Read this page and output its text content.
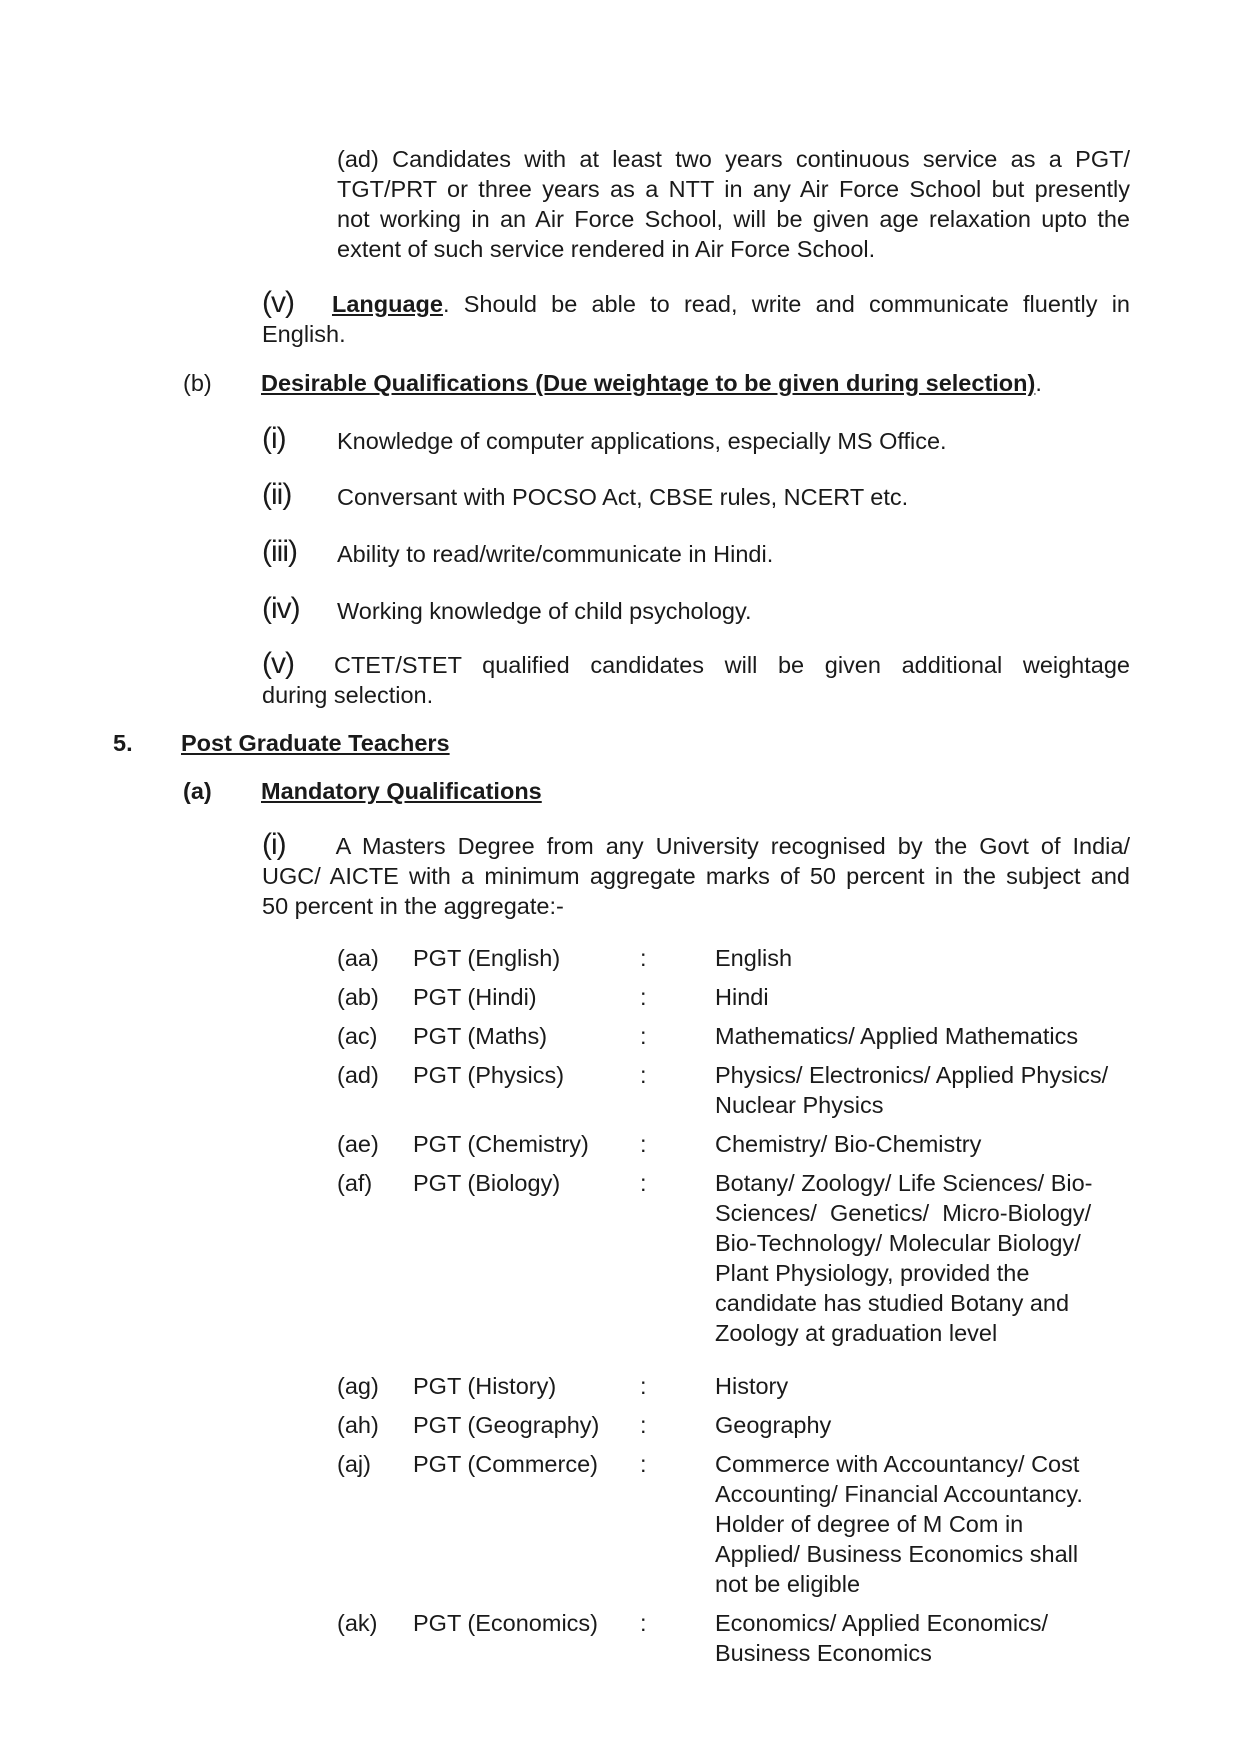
(ad) Candidates with at least two years continuous service as a PGT/
TGT/PRT or three years as a NTT in any Air Force School but presently
not working in an Air Force School, will be given age relaxation upto the
extent of such service rendered in Air Force School.
(v) Language . Should be able to read, write and communicate fluently in
English.
(b) Desirable Qualifications (Due weightage to be given during selection).
(i) Knowledge of computer applications, especially MS Office.
(ii) Conversant with POCSO Act, CBSE rules, NCERT etc.
(iii) Ability to read/write/communicate in Hindi.
(iv) Working knowledge of child psychology.
(v) CTET/STET qualified candidates will be given additional weightage
during selection.
5. Post Graduate Teachers
(a) Mandatory Qualifications
(i) A Masters Degree from any University recognised by the Govt of India/
UGC/ AICTE with a minimum aggregate marks of 50 percent in the subject and
50 percent in the aggregate:-
(aa) PGT (English)	:	English
(ab) PGT (Hindi)	:	Hindi
(ac) PGT (Maths)	:	Mathematics/ Applied Mathematics
(ad) PGT (Physics)	:	Physics/ Electronics/ Applied Physics/
Nuclear Physics
(ae) PGT (Chemistry) :	Chemistry/ Bio-Chemistry
(af) PGT (Biology)	:	Botany/ Zoology/ Life Sciences/ Bio-
Sciences/  Genetics/  Micro-Biology/
Bio-Technology/ Molecular Biology/
Plant Physiology, provided the
candidate has studied Botany and
Zoology at graduation level
(ag) PGT (History)	:	History
(ah) PGT (Geography) :	Geography
(aj) PGT (Commerce) :	Commerce with Accountancy/ Cost
Accounting/ Financial Accountancy.
Holder of degree of M Com in
Applied/ Business Economics shall
not be eligible
(ak) PGT (Economics) :	Economics/ Applied Economics/
Business Economics
